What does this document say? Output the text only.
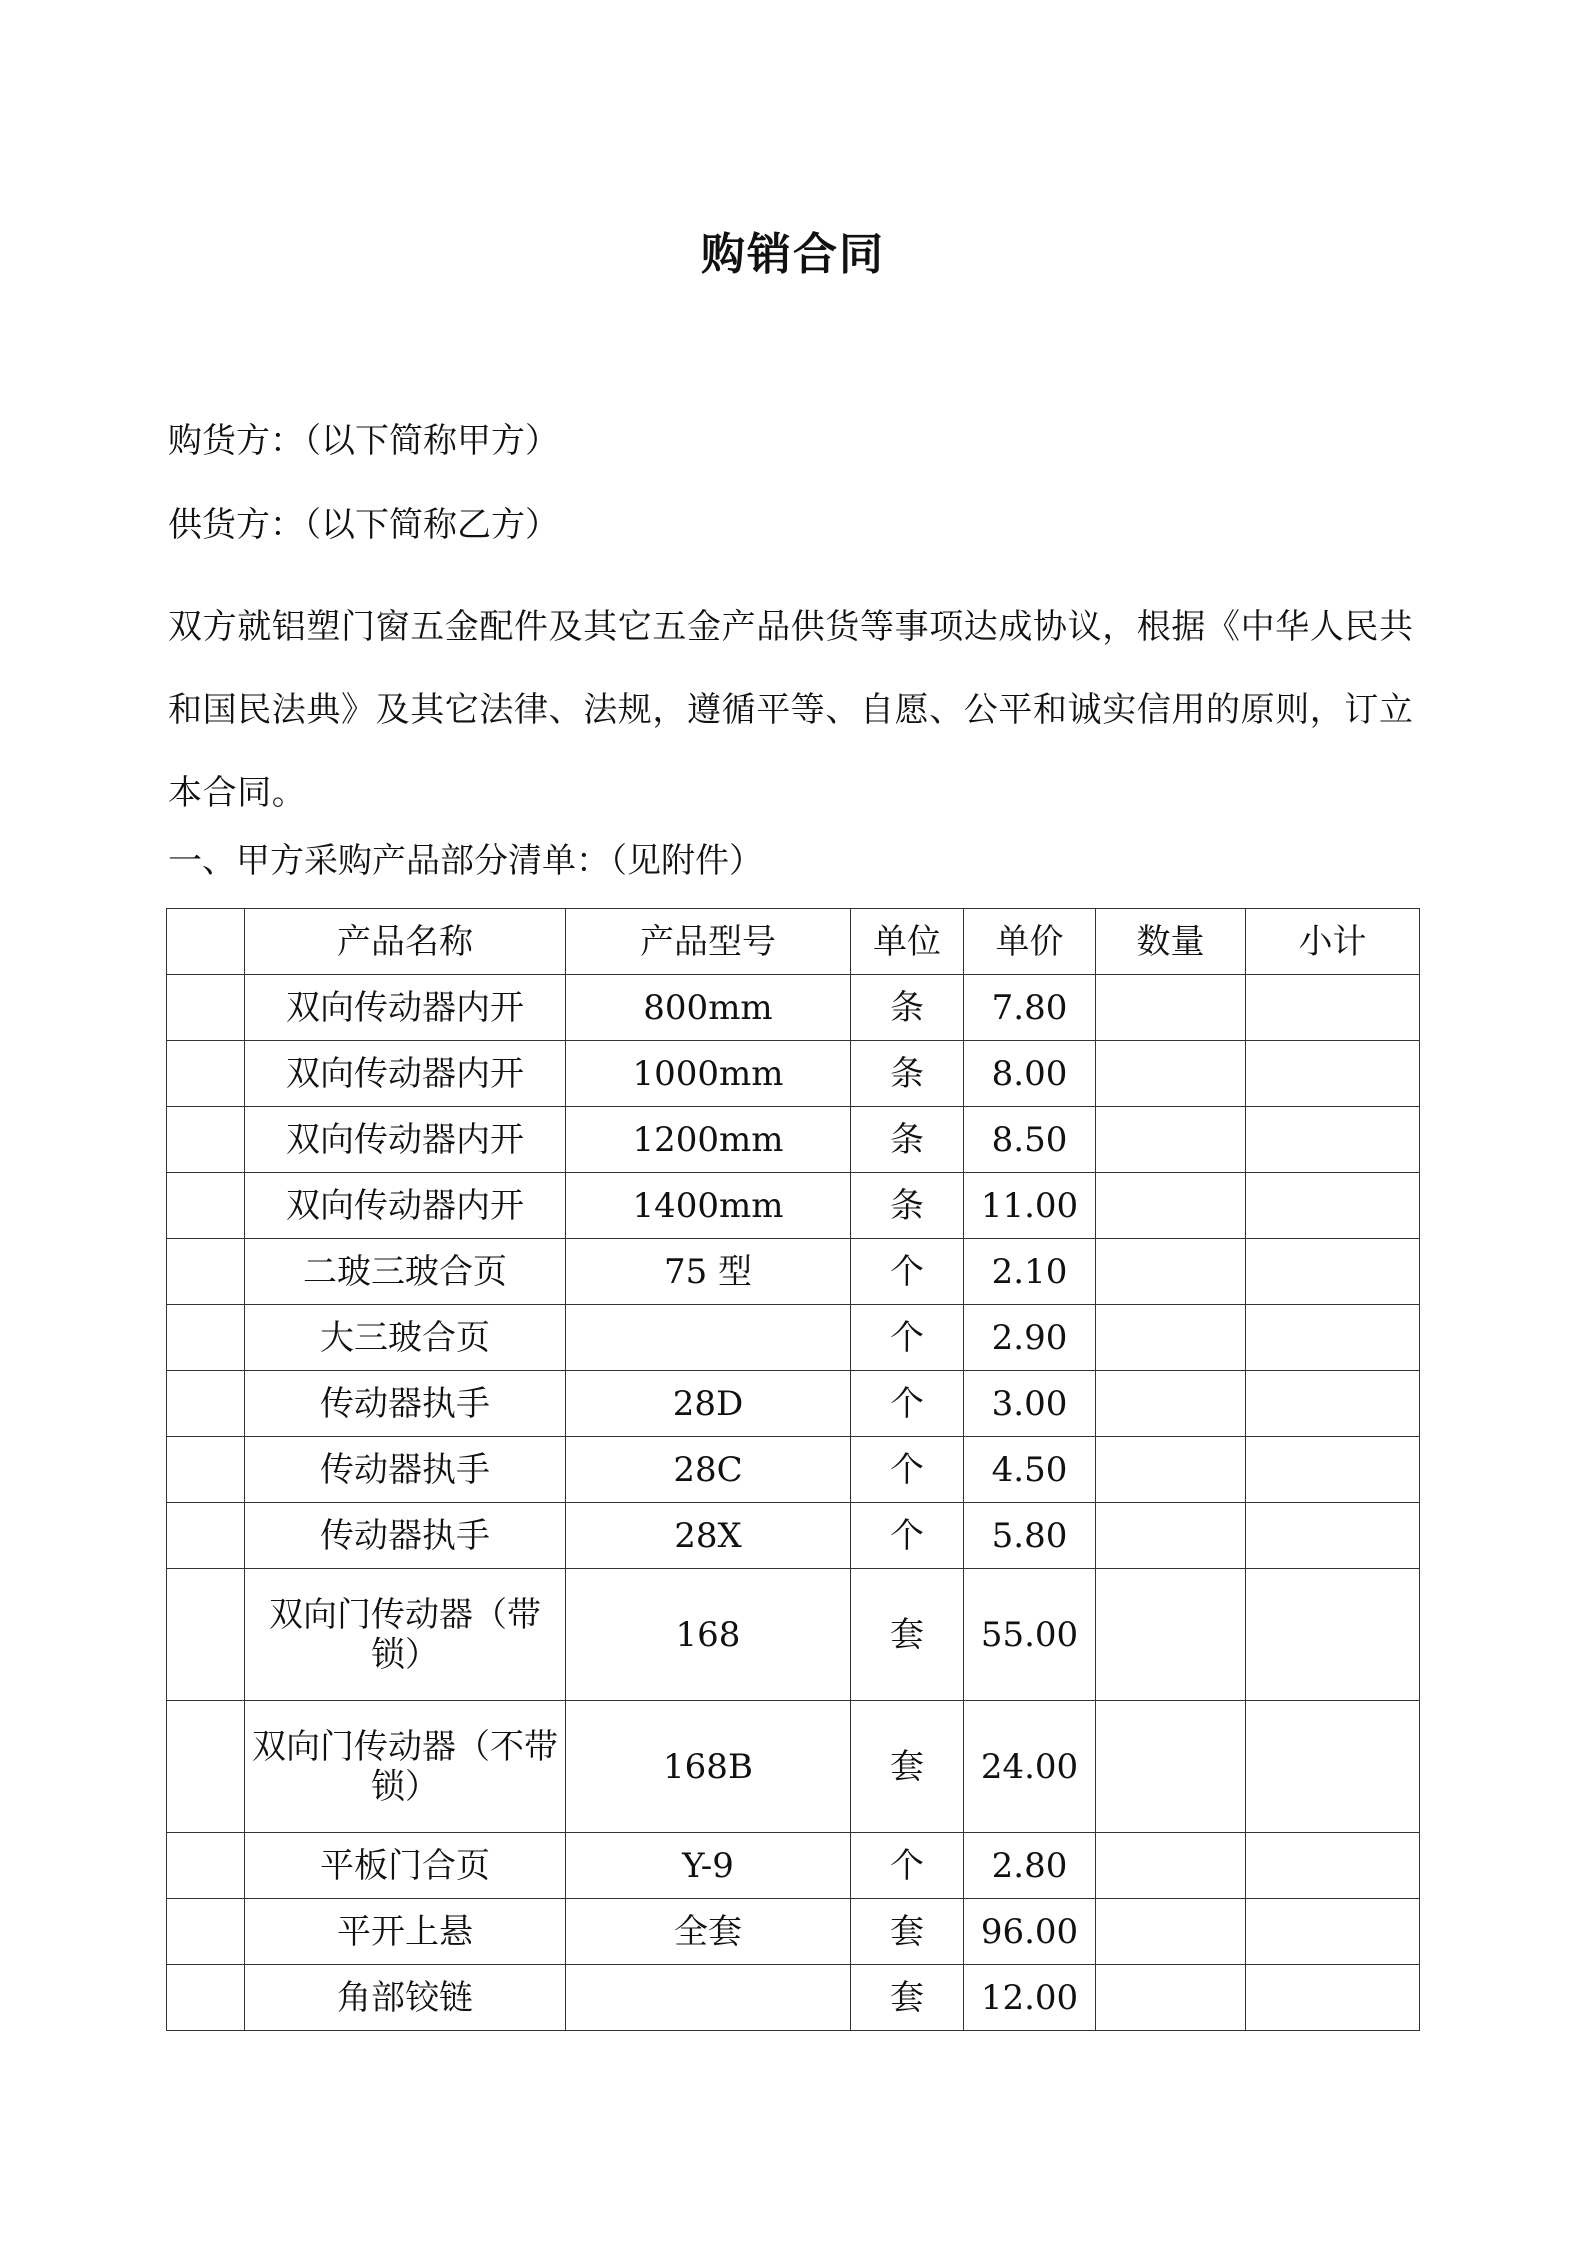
购销合同
购货方：（以下简称甲方）
供货方：（以下简称乙方）
双方就铝塑门窗五金配件及其它五金产品供货等事项达成协议，根据《中华人民共和国民法典》及其它法律、法规，遵循平等、自愿、公平和诚实信用的原则，订立本合同。
一、甲方采购产品部分清单：（见附件）
	产品名称	产品型号	单位	单价	数量	小计
	双向传动器内开	800mm	条	7.80		
	双向传动器内开	1000mm	条	8.00		
	双向传动器内开	1200mm	条	8.50		
	双向传动器内开	1400mm	条	11.00		
	二玻三玻合页	75 型	个	2.10		
	大三玻合页		个	2.90		
	传动器执手	28D	个	3.00		
	传动器执手	28C	个	4.50		
	传动器执手	28X	个	5.80		
	双向门传动器（带锁）	168	套	55.00		
	双向门传动器（不带锁）	168B	套	24.00		
	平板门合页	Y-9	个	2.80		
	平开上悬	全套	套	96.00		
	角部铰链		套	12.00		
